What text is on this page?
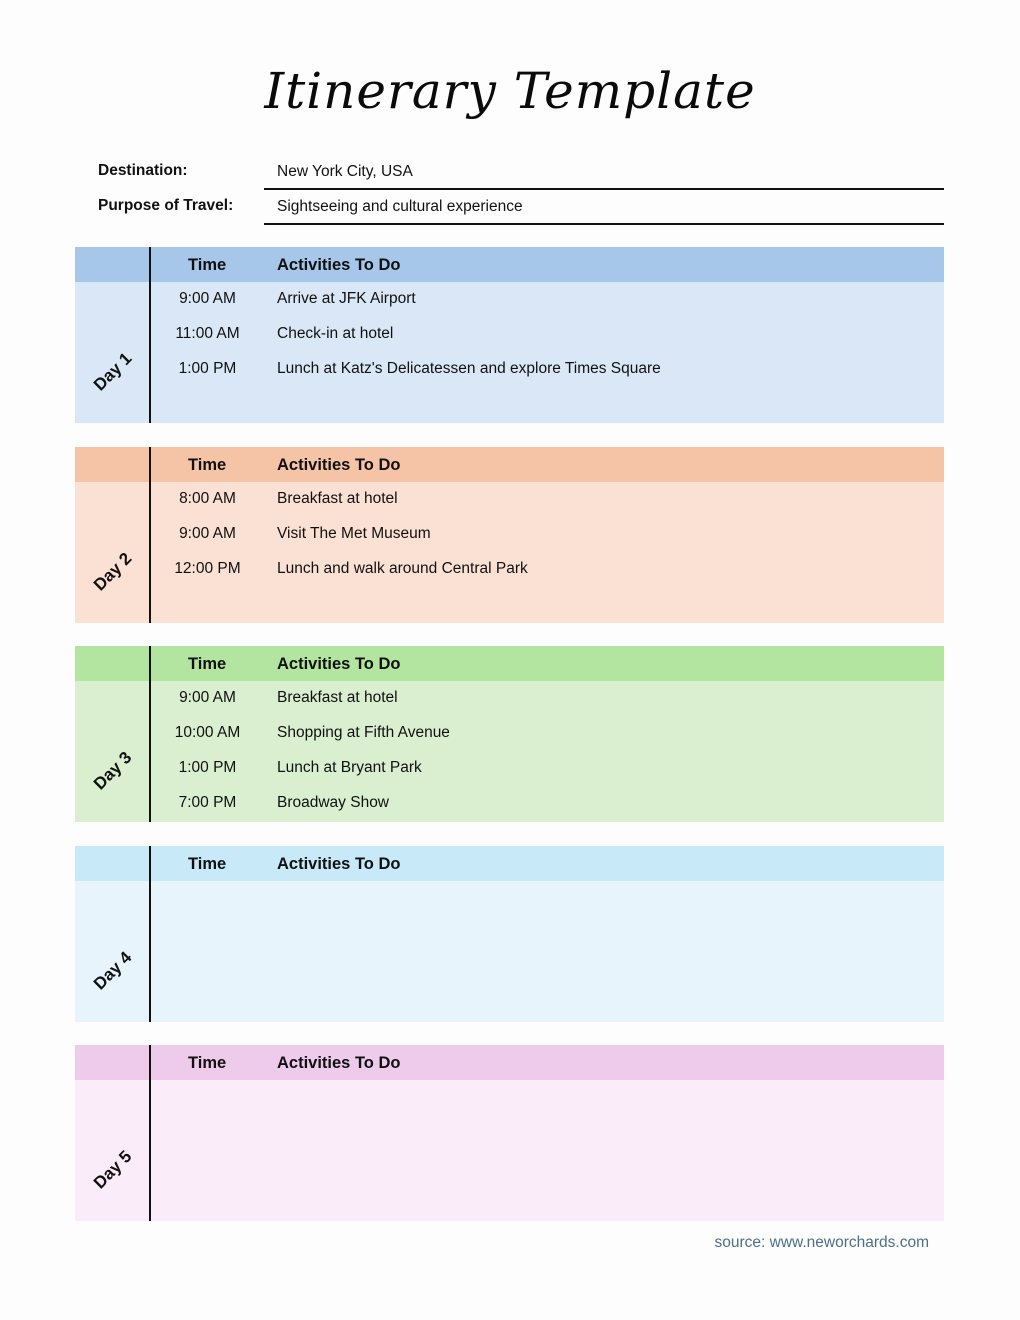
Itinerary Template
Destination:	New York City, USA
Purpose of Travel:	Sightseeing and cultural experience
Time	Activities To Do
Day 1
9:00 AM	Arrive at JFK Airport
11:00 AM	Check-in at hotel
1:00 PM	Lunch at Katz's Delicatessen and explore Times Square
Time	Activities To Do
Day 2
8:00 AM	Breakfast at hotel
9:00 AM	Visit The Met Museum
12:00 PM	Lunch and walk around Central Park
Time	Activities To Do
Day 3
9:00 AM	Breakfast at hotel
10:00 AM	Shopping at Fifth Avenue
1:00 PM	Lunch at Bryant Park
7:00 PM	Broadway Show
Time	Activities To Do
Day 4
Time	Activities To Do
Day 5
source: www.neworchards.com
